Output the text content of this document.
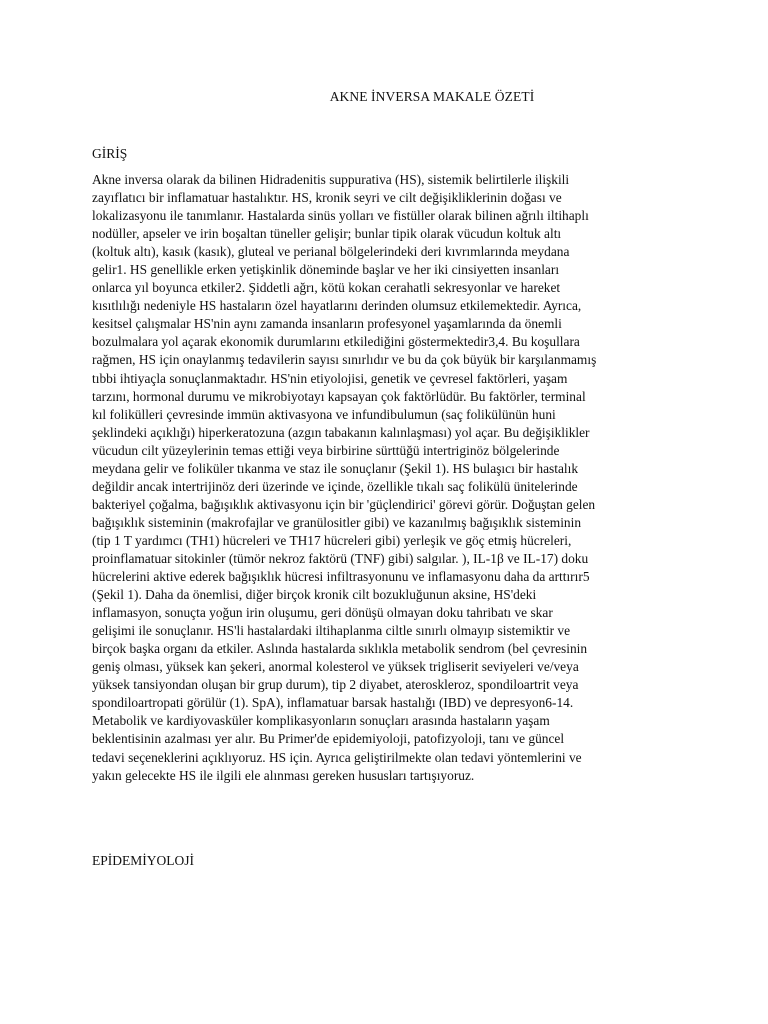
AKNE İNVERSA MAKALE ÖZETİ
GİRİŞ

Akne inversa olarak da bilinen Hidradenitis suppurativa (HS), sistemik belirtilerle ilişkili
zayıflatıcı bir inflamatuar hastalıktır. HS, kronik seyri ve cilt değişikliklerinin doğası ve
lokalizasyonu ile tanımlanır. Hastalarda sinüs yolları ve fistüller olarak bilinen ağrılı iltihaplı
nodüller, apseler ve irin boşaltan tüneller gelişir; bunlar tipik olarak vücudun koltuk altı
(koltuk altı), kasık (kasık), gluteal ve perianal bölgelerindeki deri kıvrımlarında meydana
gelir1. HS genellikle erken yetişkinlik döneminde başlar ve her iki cinsiyetten insanları
onlarca yıl boyunca etkiler2. Şiddetli ağrı, kötü kokan cerahatli sekresyonlar ve hareket
kısıtlılığı nedeniyle HS hastaların özel hayatlarını derinden olumsuz etkilemektedir. Ayrıca,
kesitsel çalışmalar HS'nin aynı zamanda insanların profesyonel yaşamlarında da önemli
bozulmalara yol açarak ekonomik durumlarını etkilediğini göstermektedir3,4. Bu koşullara
rağmen, HS için onaylanmış tedavilerin sayısı sınırlıdır ve bu da çok büyük bir karşılanmamış
tıbbi ihtiyaçla sonuçlanmaktadır. HS'nin etiyolojisi, genetik ve çevresel faktörleri, yaşam
tarzını, hormonal durumu ve mikrobiyotayı kapsayan çok faktörlüdür. Bu faktörler, terminal
kıl folikülleri çevresinde immün aktivasyona ve infundibulumun (saç folikülünün huni
şeklindeki açıklığı) hiperkeratozuna (azgın tabakanın kalınlaşması) yol açar. Bu değişiklikler
vücudun cilt yüzeylerinin temas ettiği veya birbirine sürttüğü intertriginöz bölgelerinde
meydana gelir ve foliküler tıkanma ve staz ile sonuçlanır (Şekil 1). HS bulaşıcı bir hastalık
değildir ancak intertrijinöz deri üzerinde ve içinde, özellikle tıkalı saç folikülü ünitelerinde
bakteriyel çoğalma, bağışıklık aktivasyonu için bir 'güçlendirici' görevi görür. Doğuştan gelen
bağışıklık sisteminin (makrofajlar ve granülositler gibi) ve kazanılmış bağışıklık sisteminin
(tip 1 T yardımcı (TH1) hücreleri ve TH17 hücreleri gibi) yerleşik ve göç etmiş hücreleri,
proinflamatuar sitokinler (tümör nekroz faktörü (TNF) gibi) salgılar. ), IL-1β ve IL-17) doku
hücrelerini aktive ederek bağışıklık hücresi infiltrasyonunu ve inflamasyonu daha da arttırır5
(Şekil 1). Daha da önemlisi, diğer birçok kronik cilt bozukluğunun aksine, HS'deki
inflamasyon, sonuçta yoğun irin oluşumu, geri dönüşü olmayan doku tahribatı ve skar
gelişimi ile sonuçlanır. HS'li hastalardaki iltihaplanma ciltle sınırlı olmayıp sistemiktir ve
birçok başka organı da etkiler. Aslında hastalarda sıklıkla metabolik sendrom (bel çevresinin
geniş olması, yüksek kan şekeri, anormal kolesterol ve yüksek trigliserit seviyeleri ve/veya
yüksek tansiyondan oluşan bir grup durum), tip 2 diyabet, ateroskleroz, spondiloartrit veya
spondiloartropati görülür (1). SpA), inflamatuar barsak hastalığı (IBD) ve depresyon6-14.
Metabolik ve kardiyovasküler komplikasyonların sonuçları arasında hastaların yaşam
beklentisinin azalması yer alır. Bu Primer'de epidemiyoloji, patofizyoloji, tanı ve güncel
tedavi seçeneklerini açıklıyoruz. HS için. Ayrıca geliştirilmekte olan tedavi yöntemlerini ve
yakın gelecekte HS ile ilgili ele alınması gereken hususları tartışıyoruz.

EPİDEMİYOLOJİ
